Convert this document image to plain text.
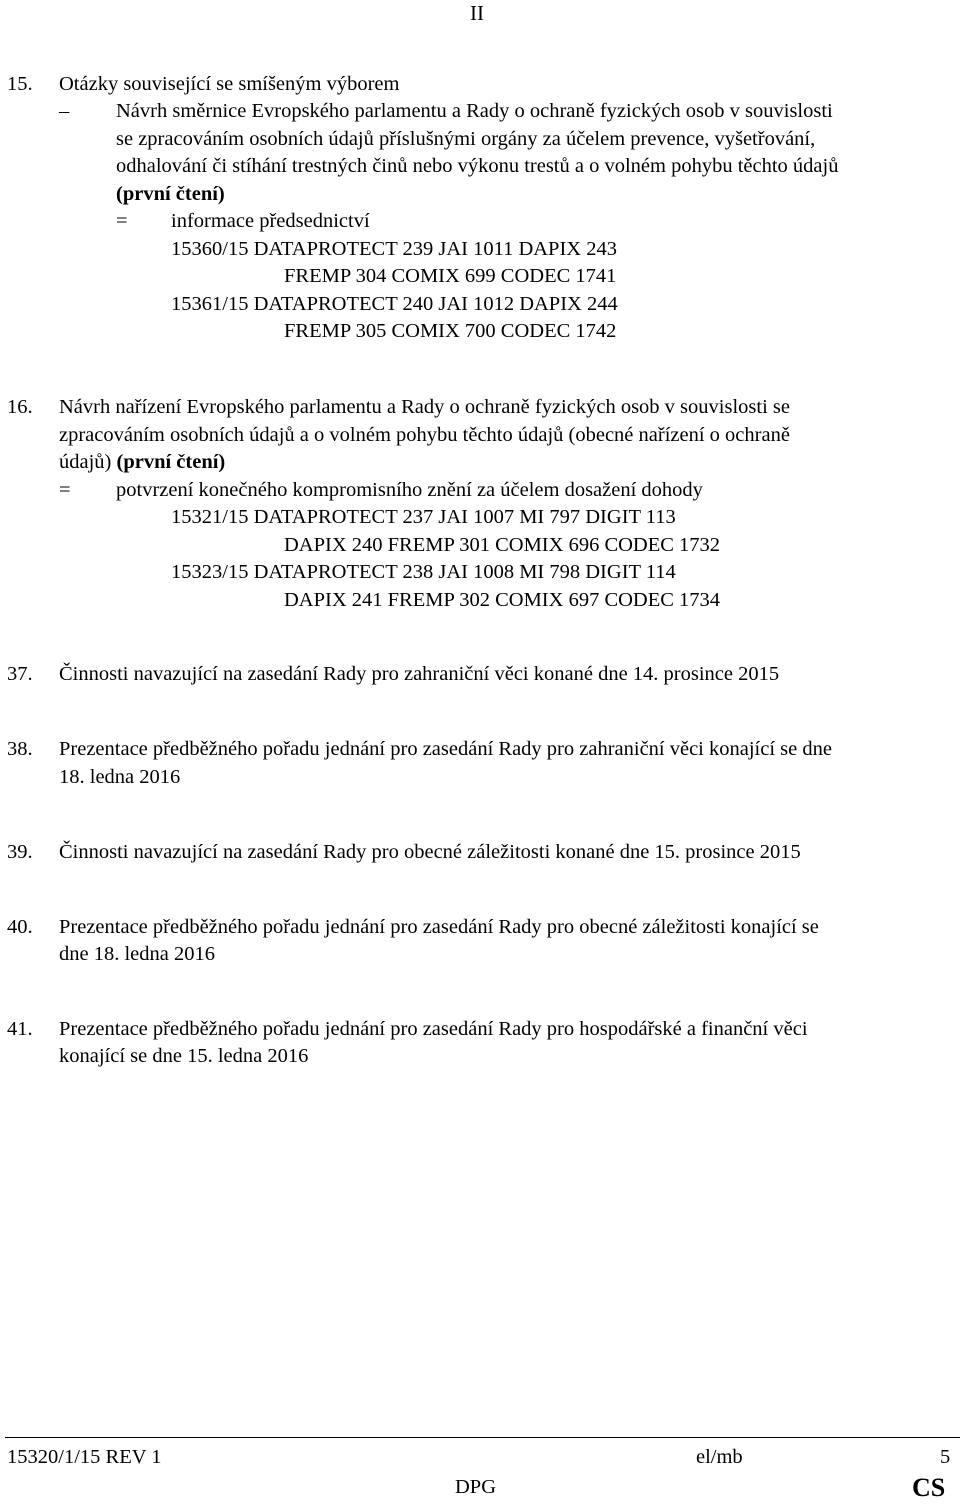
II
15. Otázky související se smíšeným výborem
– Návrh směrnice Evropského parlamentu a Rady o ochraně fyzických osob v souvislosti
se zpracováním osobních údajů příslušnými orgány za účelem prevence, vyšetřování,
odhalování či stíhání trestných činů nebo výkonu trestů a o volném pohybu těchto údajů
(první čtení)
= informace předsednictví
15360/15 DATAPROTECT 239 JAI 1011 DAPIX 243
FREMP 304 COMIX 699 CODEC 1741
15361/15 DATAPROTECT 240 JAI 1012 DAPIX 244
FREMP 305 COMIX 700 CODEC 1742
16. Návrh nařízení Evropského parlamentu a Rady o ochraně fyzických osob v souvislosti se
zpracováním osobních údajů a o volném pohybu těchto údajů (obecné nařízení o ochraně
údajů) (první čtení)
= potvrzení konečného kompromisního znění za účelem dosažení dohody
15321/15 DATAPROTECT 237 JAI 1007 MI 797 DIGIT 113
DAPIX 240 FREMP 301 COMIX 696 CODEC 1732
15323/15 DATAPROTECT 238 JAI 1008 MI 798 DIGIT 114
DAPIX 241 FREMP 302 COMIX 697 CODEC 1734
37. Činnosti navazující na zasedání Rady pro zahraniční věci konané dne 14. prosince 2015
38. Prezentace předběžného pořadu jednání pro zasedání Rady pro zahraniční věci konající se dne
18. ledna 2016
39. Činnosti navazující na zasedání Rady pro obecné záležitosti konané dne 15. prosince 2015
40. Prezentace předběžného pořadu jednání pro zasedání Rady pro obecné záležitosti konající se
dne 18. ledna 2016
41. Prezentace předběžného pořadu jednání pro zasedání Rady pro hospodářské a finanční věci
konající se dne 15. ledna 2016
15320/1/15 REV 1	el/mb	5
DPG	CS
